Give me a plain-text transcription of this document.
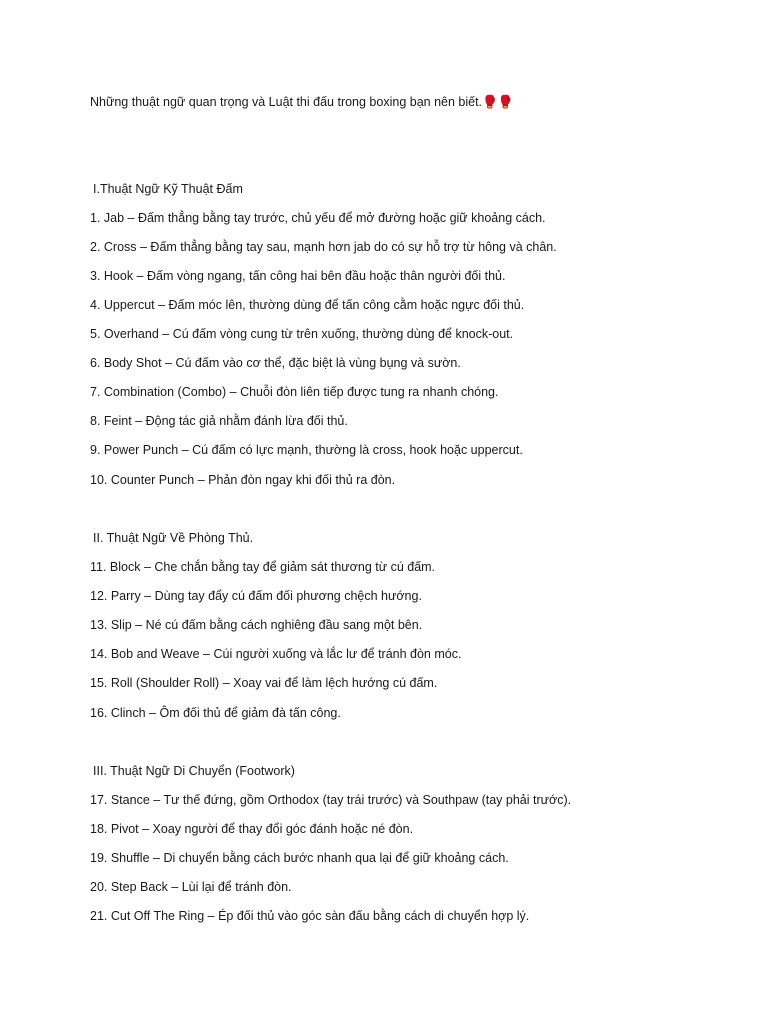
Những thuật ngữ quan trọng và Luật thi đấu trong boxing bạn nên biết.🥊🥊
I.Thuật Ngữ Kỹ Thuật Đấm
1. Jab – Đấm thẳng bằng tay trước, chủ yếu để mở đường hoặc giữ khoảng cách.
2. Cross – Đấm thẳng bằng tay sau, mạnh hơn jab do có sự hỗ trợ từ hông và chân.
3. Hook – Đấm vòng ngang, tấn công hai bên đầu hoặc thân người đối thủ.
4. Uppercut – Đấm móc lên, thường dùng để tấn công cằm hoặc ngực đối thủ.
5. Overhand – Cú đấm vòng cung từ trên xuống, thường dùng để knock-out.
6. Body Shot – Cú đấm vào cơ thể, đặc biệt là vùng bụng và sườn.
7. Combination (Combo) – Chuỗi đòn liên tiếp được tung ra nhanh chóng.
8. Feint – Động tác giả nhằm đánh lừa đối thủ.
9. Power Punch – Cú đấm có lực mạnh, thường là cross, hook hoặc uppercut.
10. Counter Punch – Phản đòn ngay khi đối thủ ra đòn.
II. Thuật Ngữ Về Phòng Thủ.
11. Block – Che chắn bằng tay để giảm sát thương từ cú đấm.
12. Parry – Dùng tay đẩy cú đấm đối phương chệch hướng.
13. Slip – Né cú đấm bằng cách nghiêng đầu sang một bên.
14. Bob and Weave – Cúi người xuống và lắc lư để tránh đòn móc.
15. Roll (Shoulder Roll) – Xoay vai để làm lệch hướng cú đấm.
16. Clinch – Ôm đối thủ để giảm đà tấn công.
III. Thuật Ngữ Di Chuyển (Footwork)
17. Stance – Tư thế đứng, gồm Orthodox (tay trái trước) và Southpaw (tay phải trước).
18. Pivot – Xoay người để thay đổi góc đánh hoặc né đòn.
19. Shuffle – Di chuyển bằng cách bước nhanh qua lại để giữ khoảng cách.
20. Step Back – Lùi lại để tránh đòn.
21. Cut Off The Ring – Ép đối thủ vào góc sàn đấu bằng cách di chuyển hợp lý.
